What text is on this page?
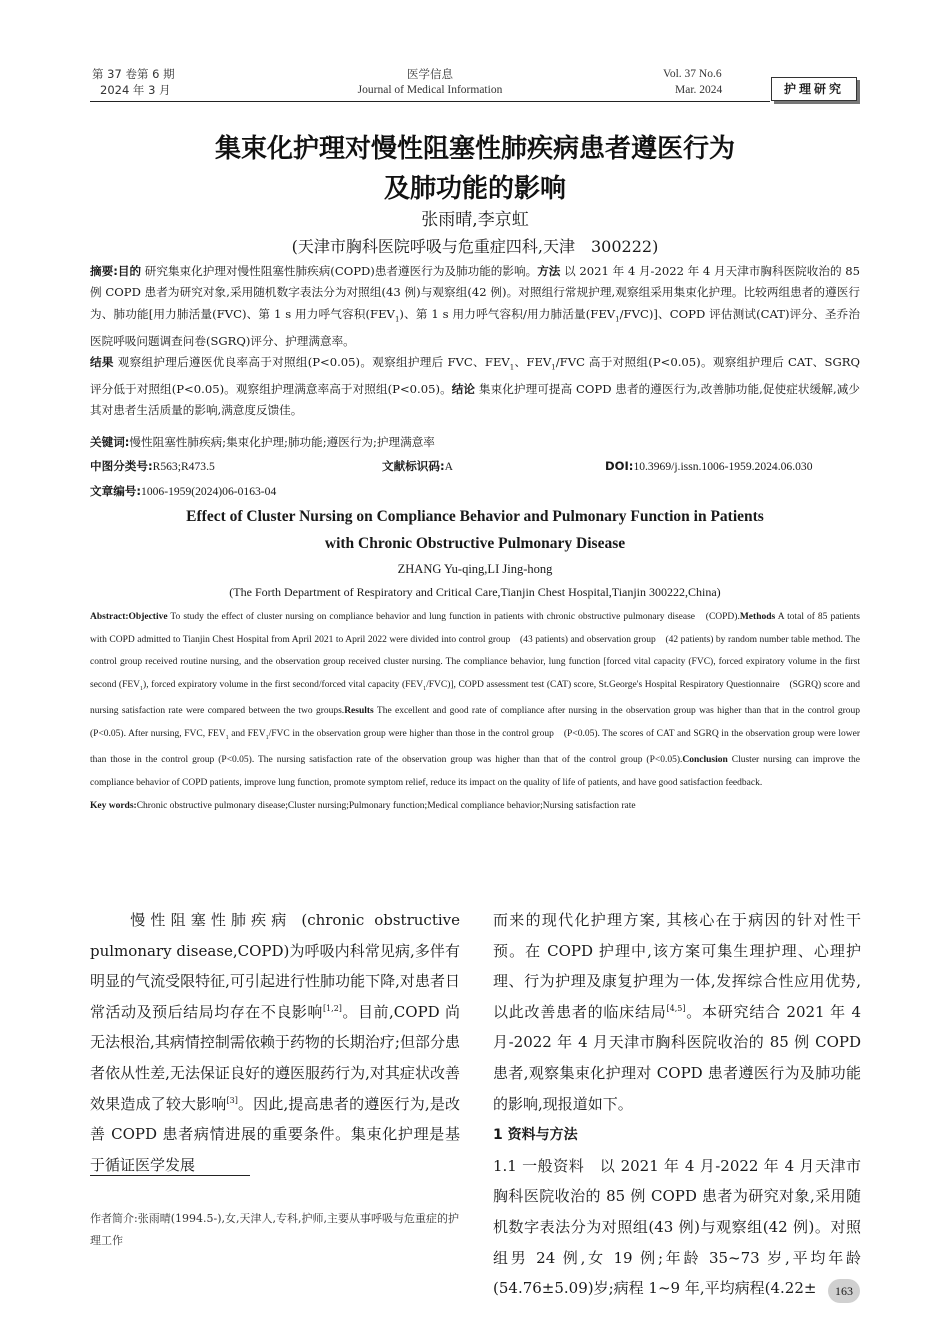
第 37 卷第 6 期
2024 年 3 月
医学信息
Journal of Medical Information
Vol. 37 No.6
Mar. 2024	护理研究
集束化护理对慢性阻塞性肺疾病患者遵医行为
及肺功能的影响
张雨晴,李京虹
(天津市胸科医院呼吸与危重症四科,天津　300222)
摘要:目的 研究集束化护理对慢性阻塞性肺疾病(COPD)患者遵医行为及肺功能的影响。方法 以 2021 年 4 月-2022 年 4 月天津市胸科医院收治的 85 例 COPD 患者为研究对象,采用随机数字表法分为对照组(43 例)与观察组(42 例)。对照组行常规护理,观察组采用集束化护理。比较两组患者的遵医行为、肺功能[用力肺活量(FVC)、第 1 s 用力呼气容积$(FEV_1)$、第 1 s 用力呼气容积/用力肺活量$(FEV_1/FVC)$]、COPD 评估测试(CAT)评分、圣乔治医院呼吸问题调查问卷(SGRQ)评分、护理满意率。
结果 观察组护理后遵医优良率高于对照组(P<0.05)。观察组护理后 FVC、$FEV_1$、$FEV_1$/FVC 高于对照组(P<0.05)。观察组护理后 CAT、SGRQ 评分低于对照组(P<0.05)。观察组护理满意率高于对照组(P<0.05)。结论 集束化护理可提高 COPD 患者的遵医行为,改善肺功能,促使症状缓解,减少其对患者生活质量的影响,满意度反馈佳。
关键词:慢性阻塞性肺疾病;集束化护理;肺功能;遵医行为;护理满意率
中图分类号:R563;R473.5	文献标识码:A	DOI:10.3969/j.issn.1006-1959.2024.06.030
文章编号:1006-1959(2024)06-0163-04
Effect of Cluster Nursing on Compliance Behavior and Pulmonary Function in Patients
with Chronic Obstructive Pulmonary Disease
ZHANG Yu-qing,LI Jing-hong
(The Forth Department of Respiratory and Critical Care,Tianjin Chest Hospital,Tianjin 300222,China)
Abstract:Objective To study the effect of cluster nursing on compliance behavior and lung function in patients with chronic obstructive pulmonary disease　(COPD).Methods A total of 85 patients with COPD admitted to Tianjin Chest Hospital from April 2021 to April 2022 were divided into control group　(43 patients) and observation group　(42 patients) by random number table method. The control group received routine nursing, and the observation group received cluster nursing. The compliance behavior, lung function [forced vital capacity (FVC), forced expiratory volume in the first second $(FEV_1)$, forced expiratory volume in the first second/forced vital capacity $(FEV_1/FVC)$], COPD assessment test (CAT) score, St.George's Hospital Respiratory Questionnaire　(SGRQ) score and nursing satisfaction rate were compared between the two groups.Results The excellent and good rate of compliance after nursing in the observation group was higher than that in the control group　(P<0.05). After nursing, FVC, $FEV_1$ and $FEV_1$/FVC in the observation group were higher than those in the control group　(P<0.05). The scores of CAT and SGRQ in the observation group were lower than those in the control group (P<0.05). The nursing satisfaction rate of the observation group was higher than that of the control group (P<0.05).Conclusion Cluster nursing can improve the compliance behavior of COPD patients, improve lung function, promote symptom relief, reduce its impact on the quality of life of patients, and have good satisfaction feedback.
Key words:Chronic obstructive pulmonary disease;Cluster nursing;Pulmonary function;Medical compliance behavior;Nursing satisfaction rate
　　慢性阻塞性肺疾病 (chronic obstructive pulmonary disease,COPD)为呼吸内科常见病,多伴有明显的气流受限特征,可引起进行性肺功能下降,对患者日常活动及预后结局均存在不良影响[1,2]。目前,COPD 尚无法根治,其病情控制需依赖于药物的长期治疗;但部分患者依从性差,无法保证良好的遵医服药行为,对其症状改善效果造成了较大影响[3]。因此,提高患者的遵医行为,是改善 COPD 患者病情进展的重要条件。集束化护理是基于循证医学发展
作者简介:张雨晴(1994.5-),女,天津人,专科,护师,主要从事呼吸与危重症的护理工作
而来的现代化护理方案, 其核心在于病因的针对性干预。在 COPD 护理中,该方案可集生理护理、心理护理、行为护理及康复护理为一体,发挥综合性应用优势, 以此改善患者的临床结局[4,5]。本研究结合 2021 年 4 月-2022 年 4 月天津市胸科医院收治的 85 例 COPD 患者,观察集束化护理对 COPD 患者遵医行为及肺功能的影响,现报道如下。
1 资料与方法
1.1 一般资料　以 2021 年 4 月-2022 年 4 月天津市胸科医院收治的 85 例 COPD 患者为研究对象,采用随机数字表法分为对照组(43 例)与观察组(42 例)。对照组男 24 例,女 19 例;年龄 35~73 岁,平均年龄(54.76±5.09)岁;病程 1~9 年,平均病程(4.22±	163
